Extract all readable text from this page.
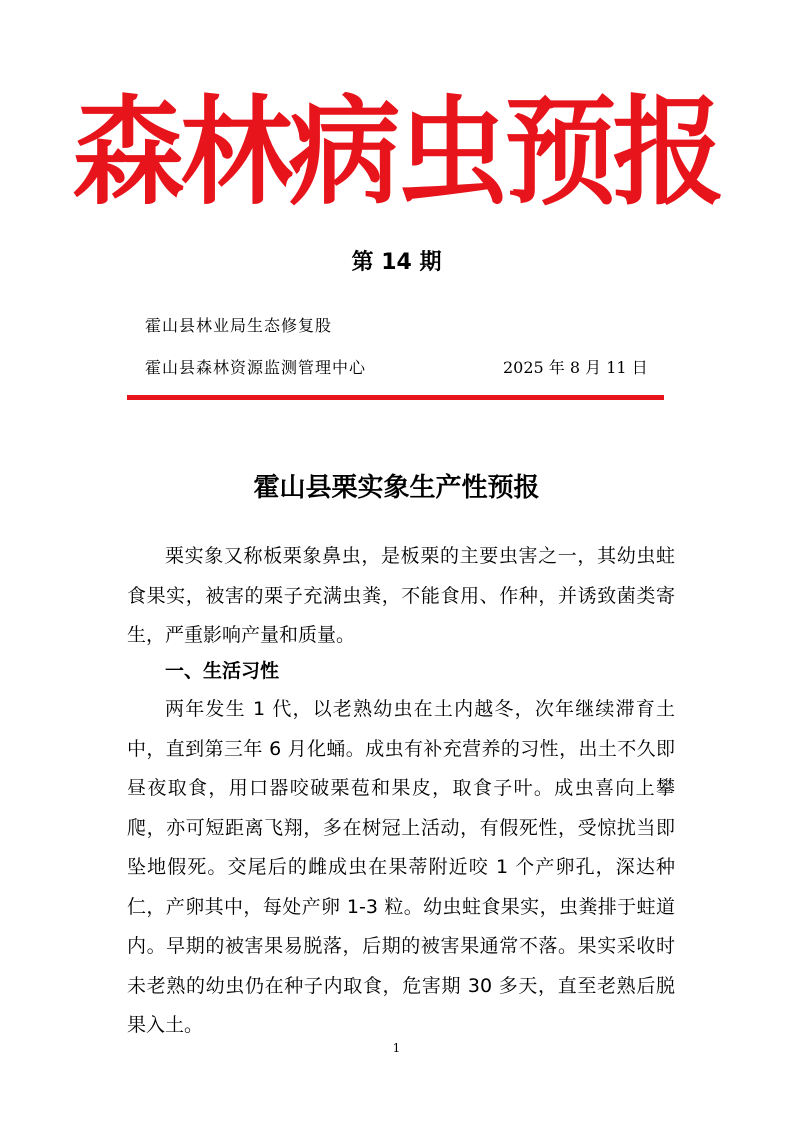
森林病虫预报
第 14 期
霍山县林业局生态修复股
霍山县森林资源监测管理中心	2025 年 8 月 11 日
霍山县栗实象生产性预报

栗实象又称板栗象鼻虫，是板栗的主要虫害之一，其幼虫蛀食果实，被害的栗子充满虫粪，不能食用、作种，并诱致菌类寄生，严重影响产量和质量。

一、生活习性

两年发生 1 代，以老熟幼虫在土内越冬，次年继续滞育土中，直到第三年 6 月化蛹。成虫有补充营养的习性，出土不久即昼夜取食，用口器咬破栗苞和果皮，取食子叶。成虫喜向上攀爬，亦可短距离飞翔，多在树冠上活动，有假死性，受惊扰当即坠地假死。交尾后的雌成虫在果蒂附近咬 1 个产卵孔，深达种仁，产卵其中，每处产卵 1-3 粒。幼虫蛀食果实，虫粪排于蛀道内。早期的被害果易脱落，后期的被害果通常不落。果实采收时未老熟的幼虫仍在种子内取食，危害期 30 多天，直至老熟后脱果入土。

1
